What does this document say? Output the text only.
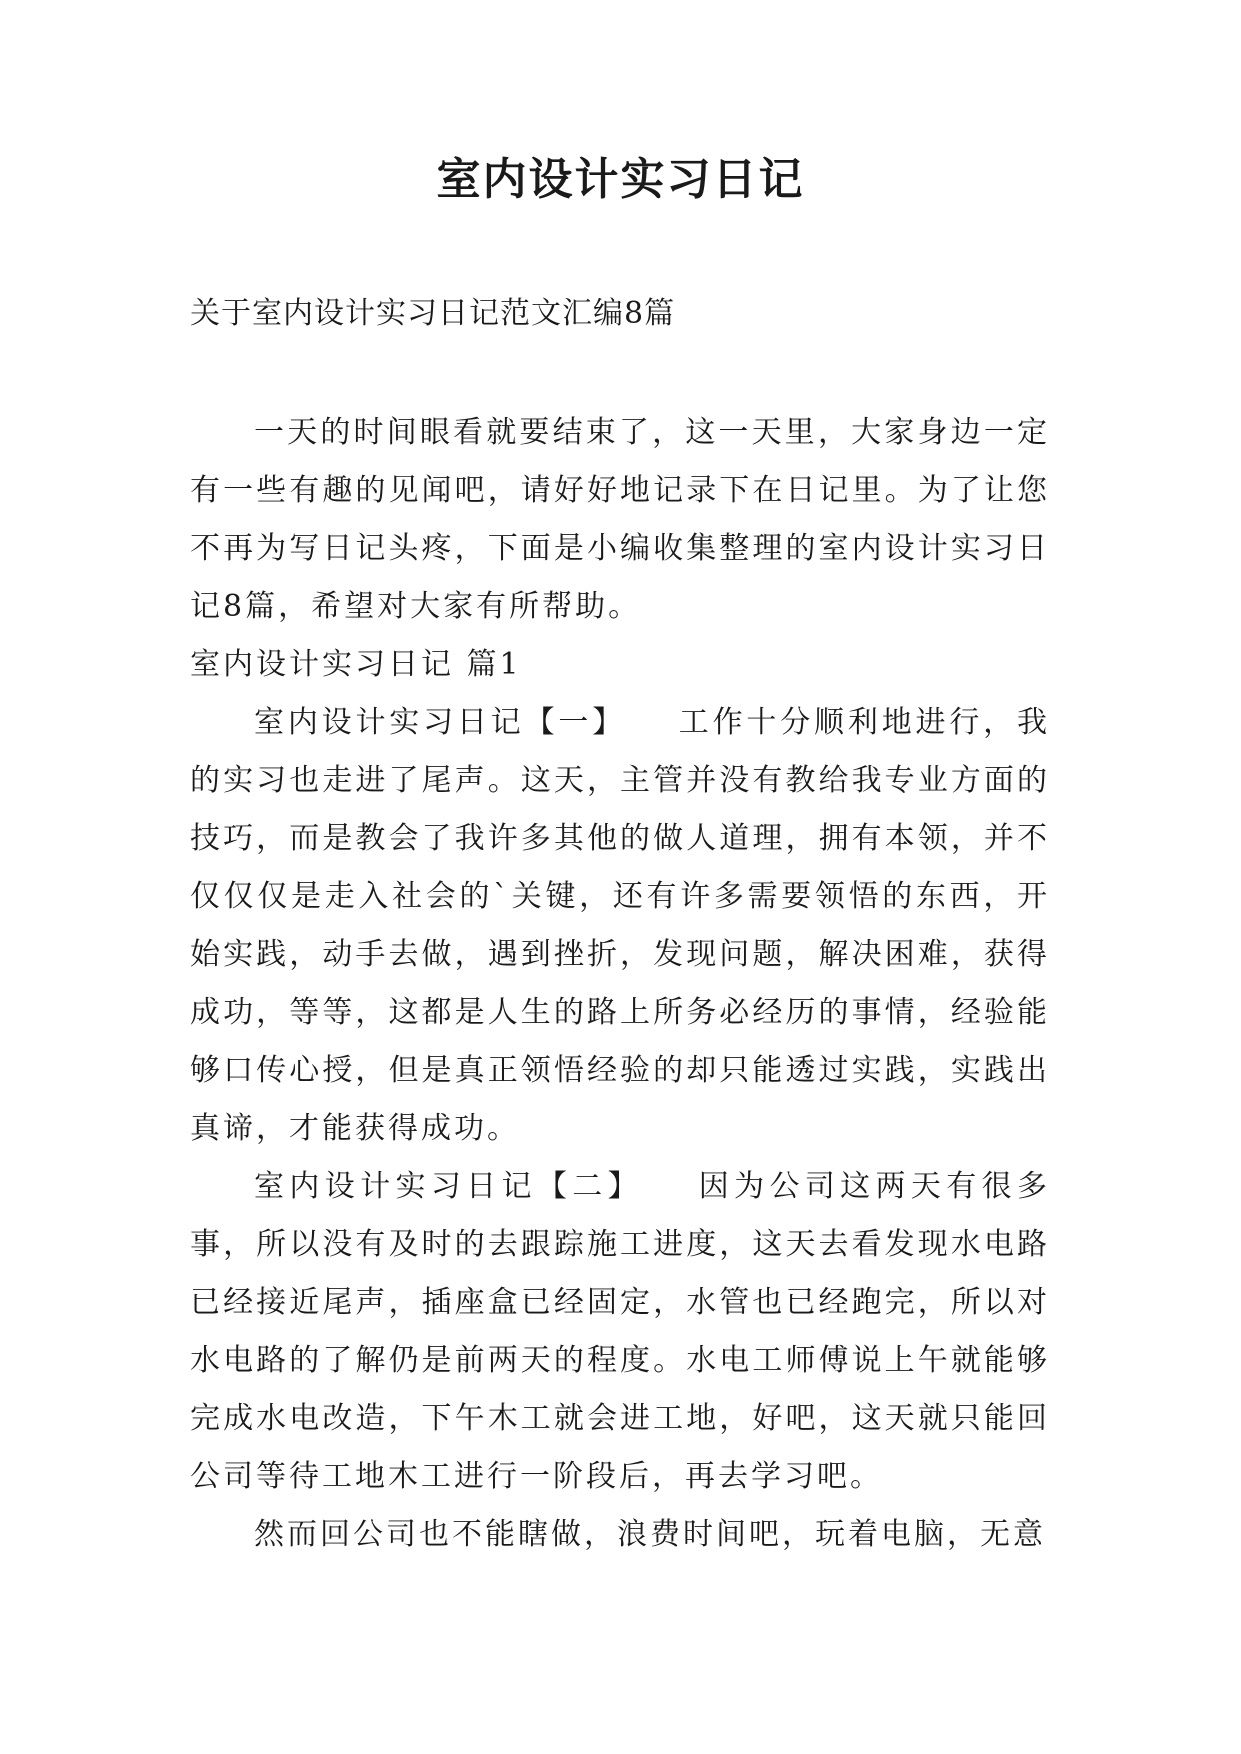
室内设计实习日记

关于室内设计实习日记范文汇编8篇

一天的时间眼看就要结束了，这一天里，大家身边一定有一些有趣的见闻吧，请好好地记录下在日记里。为了让您不再为写日记头疼，下面是小编收集整理的室内设计实习日记8篇，希望对大家有所帮助。

室内设计实习日记 篇1

室内设计实习日记【一】　　工作十分顺利地进行，我的实习也走进了尾声。这天，主管并没有教给我专业方面的技巧，而是教会了我许多其他的做人道理，拥有本领，并不仅仅仅是走入社会的`关键，还有许多需要领悟的东西，开始实践，动手去做，遇到挫折，发现问题，解决困难，获得成功，等等，这都是人生的路上所务必经历的事情，经验能够口传心授，但是真正领悟经验的却只能透过实践，实践出真谛，才能获得成功。

室内设计实习日记【二】　　因为公司这两天有很多事，所以没有及时的去跟踪施工进度，这天去看发现水电路已经接近尾声，插座盒已经固定，水管也已经跑完，所以对水电路的了解仍是前两天的程度。水电工师傅说上午就能够完成水电改造，下午木工就会进工地，好吧，这天就只能回公司等待工地木工进行一阶段后，再去学习吧。

然而回公司也不能瞎做，浪费时间吧，玩着电脑，无意
